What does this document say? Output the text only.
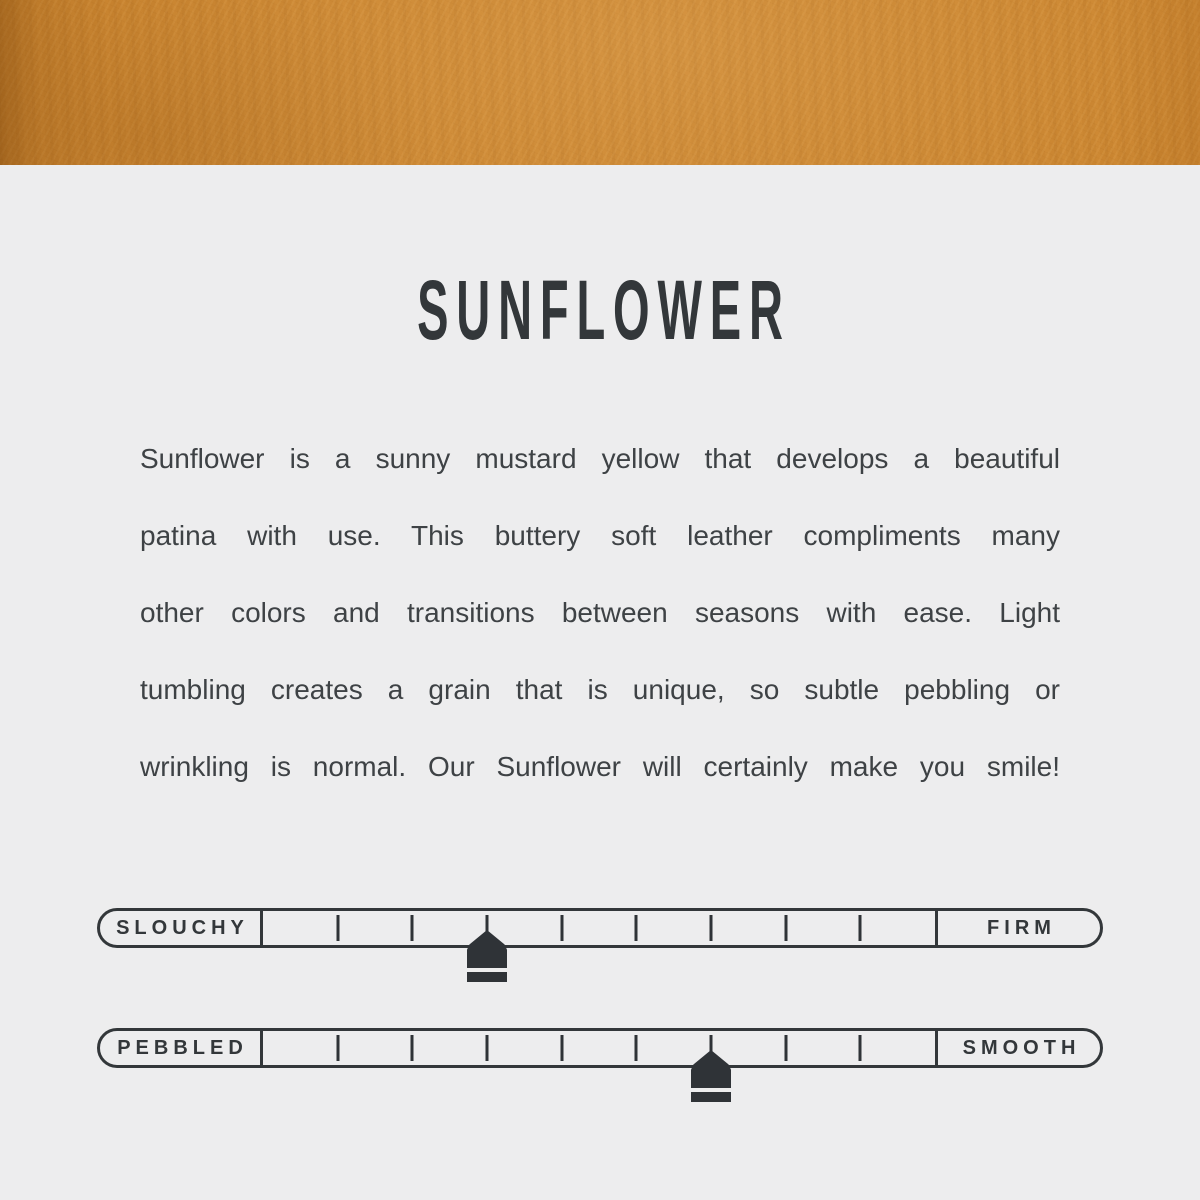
SUNFLOWER
Sunflower is a sunny mustard yellow that develops a beautiful
patina with use. This buttery soft leather compliments many
other colors and transitions between seasons with ease. Light
tumbling creates a grain that is unique, so subtle pebbling or
wrinkling is normal. Our Sunflower will certainly make you smile!
SLOUCHY	FIRM
PEBBLED	SMOOTH
